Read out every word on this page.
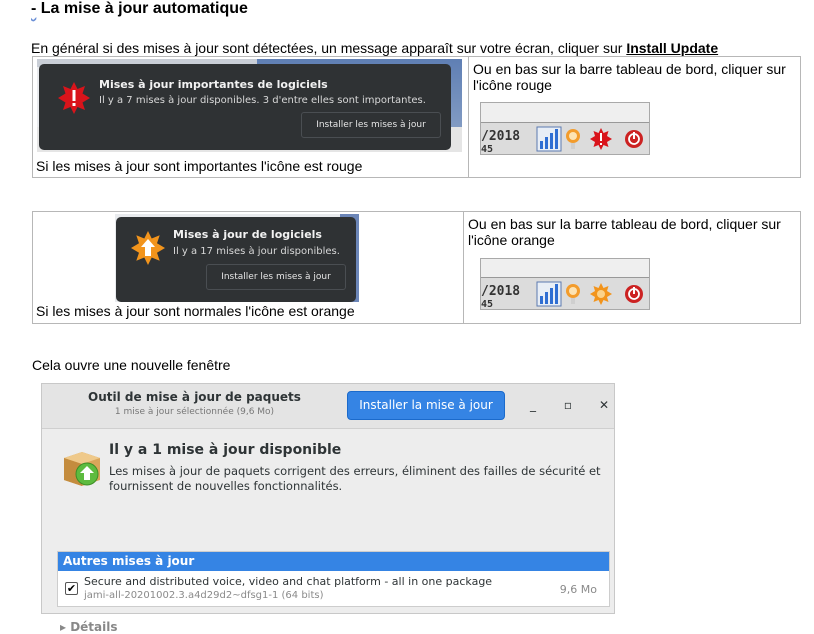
- La mise à jour automatique
En général si des mises à jour sont détectées, un message apparaît sur votre écran, cliquer sur Install Update
Mises à jour importantes de logiciels
Il y a 7 mises à jour disponibles. 3 d'entre elles sont importantes.
Installer les mises à jour
Si les mises à jour sont importantes l'icône est rouge
Ou en bas sur la barre tableau de bord, cliquer sur l'icône rouge
/2018
45
Mises à jour de logiciels
Il y a 17 mises à jour disponibles.
Installer les mises à jour
Si les mises à jour sont normales l'icône est orange
Ou en bas sur la barre tableau de bord, cliquer sur l'icône orange
/2018
45
Cela ouvre une nouvelle fenêtre
Outil de mise à jour de paquets
1 mise à jour sélectionnée (9,6 Mo)	Installer la mise à jour	_	▫	✕
Il y a 1 mise à jour disponible
Les mises à jour de paquets corrigent des erreurs, éliminent des failles de sécurité et fournissent de nouvelles fonctionnalités.
Autres mises à jour
✔
Secure and distributed voice, video and chat platform - all in one package
jami-all-20201002.3.a4d29d2~dfsg1-1 (64 bits)	9,6 Mo
▸ Détails
